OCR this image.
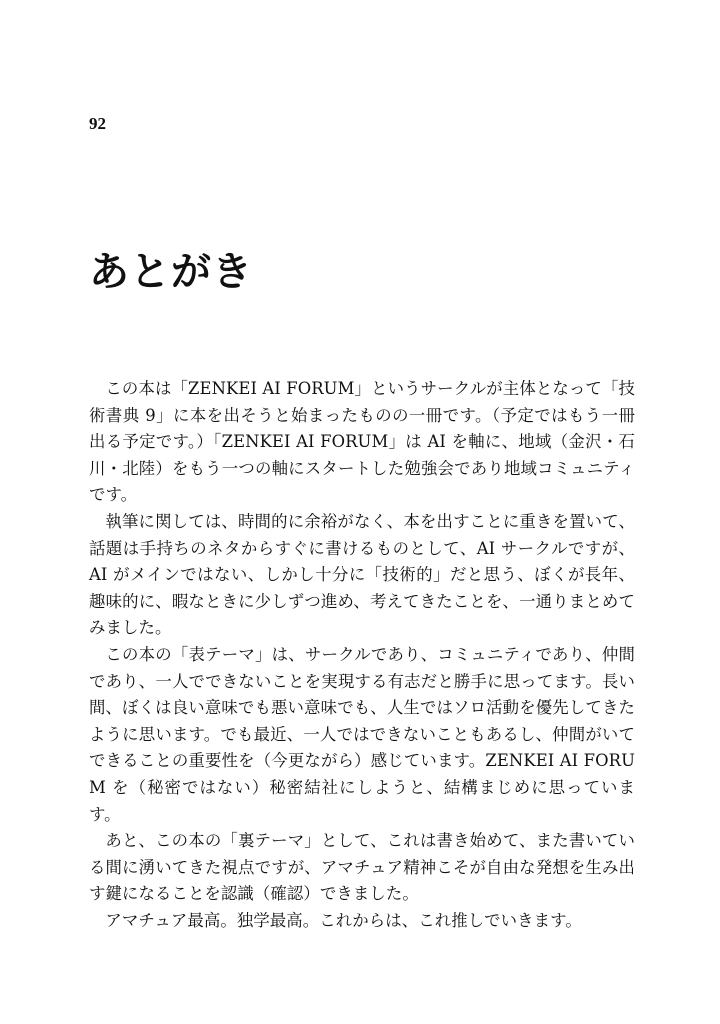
92
あとがき

この本は「ZENKEI AI FORUM」というサークルが主体となって「技術書典 9」に本を出そうと始まったものの一冊です。（予定ではもう一冊出る予定です。）「ZENKEI AI FORUM」は AI を軸に、地域（金沢・石川・北陸）をもう一つの軸にスタートした勉強会であり地域コミュニティです。

執筆に関しては、時間的に余裕がなく、本を出すことに重きを置いて、話題は手持ちのネタからすぐに書けるものとして、AI サークルですが、AI がメインではない、しかし十分に「技術的」だと思う、ぼくが長年、趣味的に、暇なときに少しずつ進め、考えてきたことを、一通りまとめてみました。

この本の「表テーマ」は、サークルであり、コミュニティであり、仲間であり、一人でできないことを実現する有志だと勝手に思ってます。長い間、ぼくは良い意味でも悪い意味でも、人生ではソロ活動を優先してきたように思います。でも最近、一人ではできないこともあるし、仲間がいてできることの重要性を（今更ながら）感じています。ZENKEI AI FORUM を（秘密ではない）秘密結社にしようと、結構まじめに思っています。

あと、この本の「裏テーマ」として、これは書き始めて、また書いている間に湧いてきた視点ですが、アマチュア精神こそが自由な発想を生み出す鍵になることを認識（確認）できました。

アマチュア最高。独学最高。これからは、これ推しでいきます。
